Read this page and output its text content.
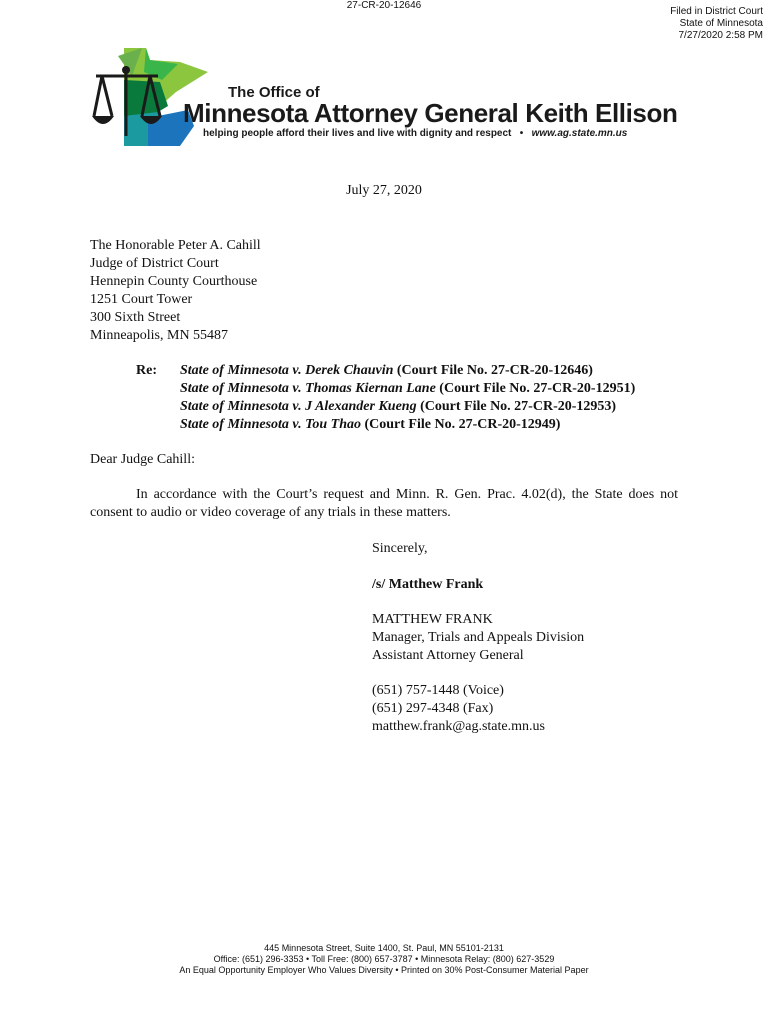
27-CR-20-12646
Filed in District Court
State of Minnesota
7/27/2020 2:58 PM
The Office of
Minnesota Attorney General Keith Ellison
helping people afford their lives and live with dignity and respect • www.ag.state.mn.us
July 27, 2020
The Honorable Peter A. Cahill
Judge of District Court
Hennepin County Courthouse
1251 Court Tower
300 Sixth Street
Minneapolis, MN 55487
Re: State of Minnesota v. Derek Chauvin (Court File No. 27-CR-20-12646)
State of Minnesota v. Thomas Kiernan Lane (Court File No. 27-CR-20-12951)
State of Minnesota v. J Alexander Kueng (Court File No. 27-CR-20-12953)
State of Minnesota v. Tou Thao (Court File No. 27-CR-20-12949)
Dear Judge Cahill:
In accordance with the Court’s request and Minn. R. Gen. Prac. 4.02(d), the State does not consent to audio or video coverage of any trials in these matters.
Sincerely,
/s/ Matthew Frank
MATTHEW FRANK
Manager, Trials and Appeals Division
Assistant Attorney General
(651) 757-1448 (Voice)
(651) 297-4348 (Fax)
matthew.frank@ag.state.mn.us
445 Minnesota Street, Suite 1400, St. Paul, MN 55101-2131
Office: (651) 296-3353 • Toll Free: (800) 657-3787 • Minnesota Relay: (800) 627-3529
An Equal Opportunity Employer Who Values Diversity • Printed on 30% Post-Consumer Material Paper
